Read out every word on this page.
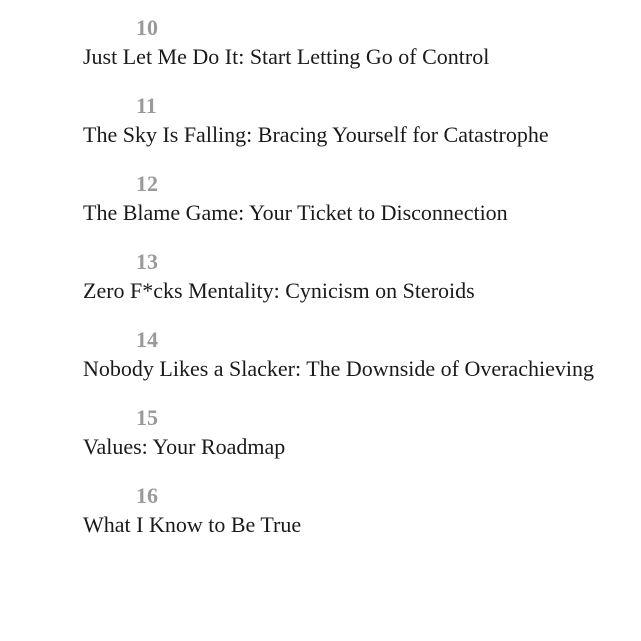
10
Just Let Me Do It: Start Letting Go of Control
11
The Sky Is Falling: Bracing Yourself for Catastrophe
12
The Blame Game: Your Ticket to Disconnection
13
Zero F*cks Mentality: Cynicism on Steroids
14
Nobody Likes a Slacker: The Downside of Overachieving
15
Values: Your Roadmap
16
What I Know to Be True
